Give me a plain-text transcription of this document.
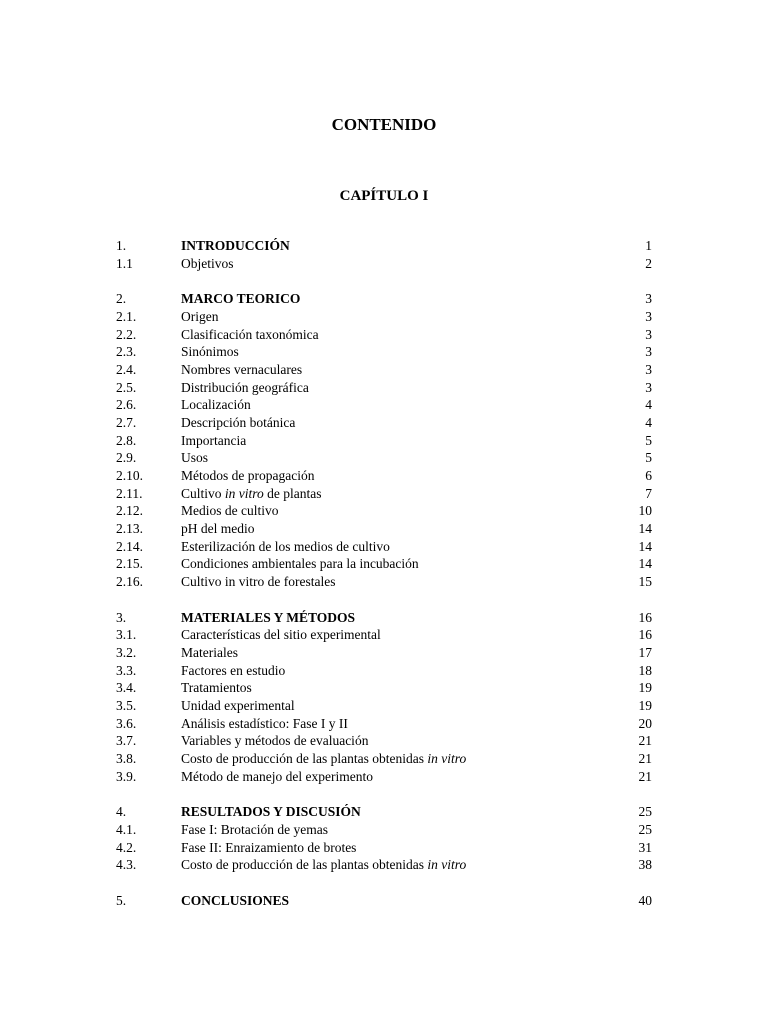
CONTENIDO
CAPÍTULO I
1.	INTRODUCCIÓN	1
1.1	Objetivos	2
2.	MARCO TEORICO	3
2.1.	Origen	3
2.2.	Clasificación taxonómica	3
2.3.	Sinónimos	3
2.4.	Nombres vernaculares	3
2.5.	Distribución geográfica	3
2.6.	Localización	4
2.7.	Descripción botánica	4
2.8.	Importancia	5
2.9.	Usos	5
2.10.	Métodos de propagación	6
2.11.	Cultivo in vitro de plantas	7
2.12.	Medios de cultivo	10
2.13.	pH del medio	14
2.14.	Esterilización de los medios de cultivo	14
2.15.	Condiciones ambientales para la incubación	14
2.16.	Cultivo in vitro de forestales	15
3.	MATERIALES Y MÉTODOS	16
3.1.	Características del sitio experimental	16
3.2.	Materiales	17
3.3.	Factores en estudio	18
3.4.	Tratamientos	19
3.5.	Unidad experimental	19
3.6.	Análisis estadístico: Fase I y II	20
3.7.	Variables y métodos de evaluación	21
3.8.	Costo de producción de las plantas obtenidas in vitro	21
3.9.	Método de manejo del experimento	21
4.	RESULTADOS Y DISCUSIÓN	25
4.1.	Fase I: Brotación de yemas	25
4.2.	Fase II: Enraizamiento de brotes	31
4.3.	Costo de producción de las plantas obtenidas in vitro	38
5.	CONCLUSIONES	40
